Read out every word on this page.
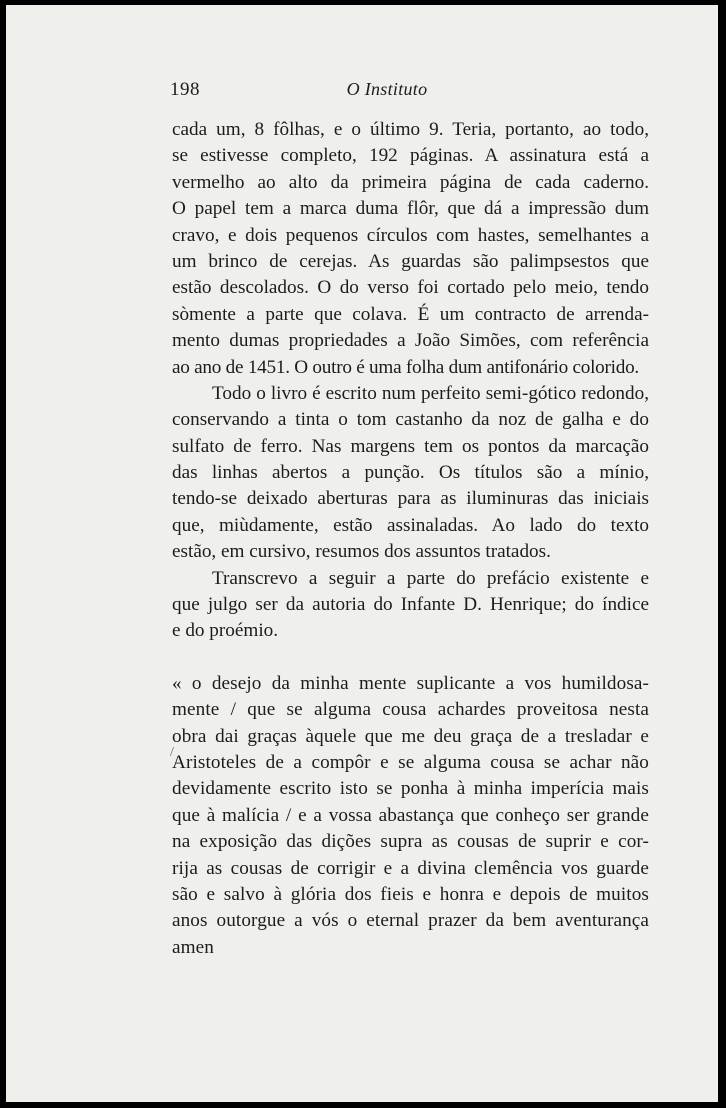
198	O Instituto
/
cada um, 8 fôlhas, e o último 9. Teria, portanto, ao todo,
se estivesse completo, 192 páginas. A assinatura está a
vermelho ao alto da primeira página de cada caderno.
O papel tem a marca duma flôr, que dá a impressão dum
cravo, e dois pequenos círculos com hastes, semelhantes a
um brinco de cerejas. As guardas são palimpsestos que
estão descolados. O do verso foi cortado pelo meio, tendo
sòmente a parte que colava. É um contracto de arrenda-
mento dumas propriedades a João Simões, com referência
ao ano de 1451. O outro é uma folha dum antifonário colorido.
Todo o livro é escrito num perfeito semi-gótico redondo,
conservando a tinta o tom castanho da noz de galha e do
sulfato de ferro. Nas margens tem os pontos da marcação
das linhas abertos a punção. Os títulos são a mínio,
tendo-se deixado aberturas para as iluminuras das iniciais
que, miùdamente, estão assinaladas. Ao lado do texto
estão, em cursivo, resumos dos assuntos tratados.
Transcrevo a seguir a parte do prefácio existente e
que julgo ser da autoria do Infante D. Henrique; do índice
e do proémio.
« o desejo da minha mente suplicante a vos humildosa-
mente / que se alguma cousa achardes proveitosa nesta
obra dai graças àquele que me deu graça de a tresladar e
Aristoteles de a compôr e se alguma cousa se achar não
devidamente escrito isto se ponha à minha imperícia mais
que à malícia / e a vossa abastança que conheço ser grande
na exposição das dições supra as cousas de suprir e cor-
rija as cousas de corrigir e a divina clemência vos guarde
são e salvo à glória dos fieis e honra e depois de muitos
anos outorgue a vós o eternal prazer da bem aventurança
amen
